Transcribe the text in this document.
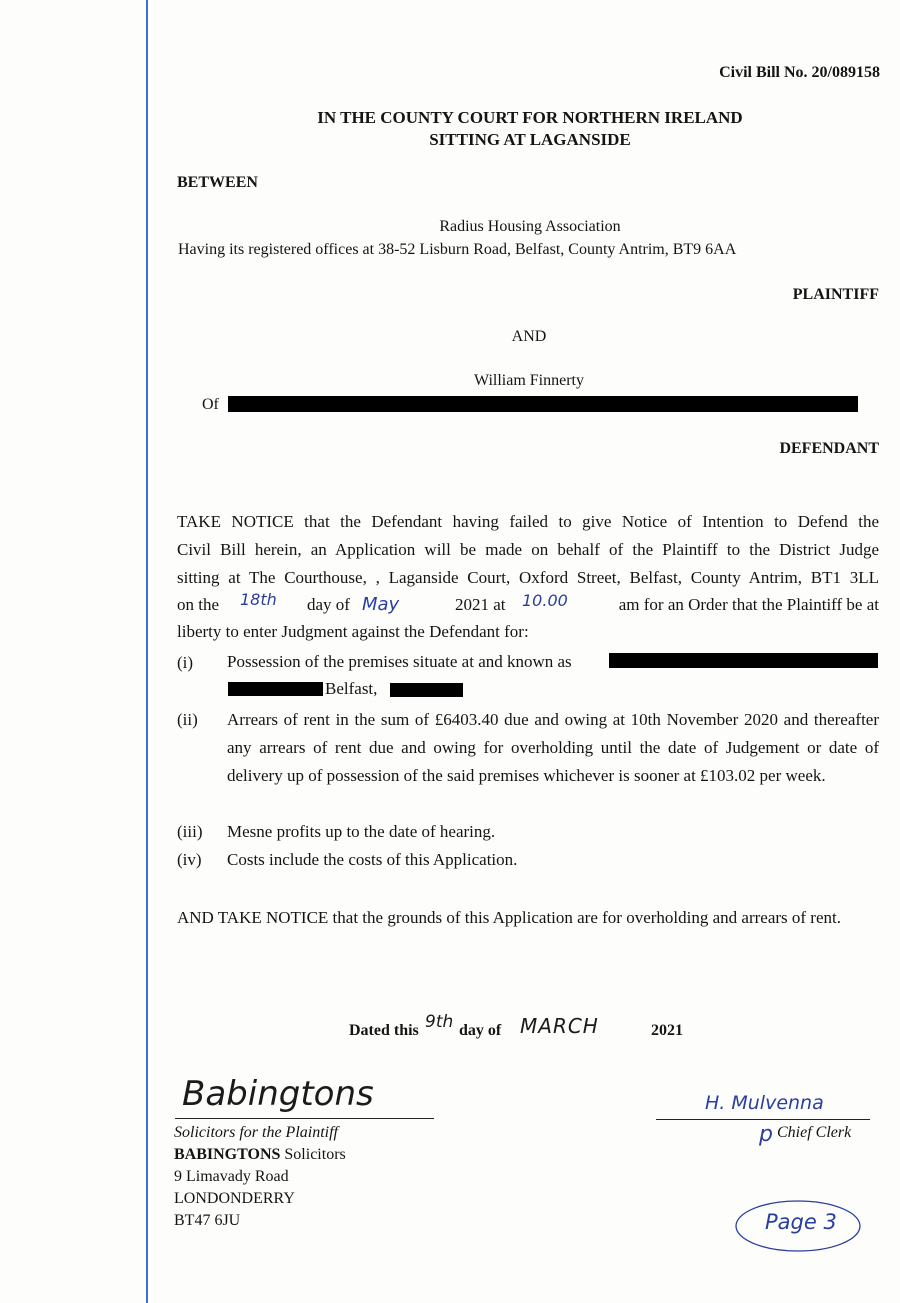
Civil Bill No. 20/089158
IN THE COUNTY COURT FOR NORTHERN IRELAND
SITTING AT LAGANSIDE
BETWEEN
Radius Housing Association
Having its registered offices at 38-52 Lisburn Road, Belfast, County Antrim, BT9 6AA
PLAINTIFF
AND
William Finnerty
Of
DEFENDANT
TAKE NOTICE that the Defendant having failed to give Notice of Intention to Defend the
Civil Bill herein, an Application will be made on behalf of the Plaintiff to the District Judge
sitting at The Courthouse, , Laganside Court, Oxford Street, Belfast, County Antrim, BT1 3LL
on the 18th day of May	2021 at 10.00	am for an Order that the Plaintiff be at
liberty to enter Judgment against the Defendant for:
(i) Possession of the premises situate at and known as
Belfast,
(ii) Arrears of rent in the sum of £6403.40 due and owing at 10th November 2020 and thereafter any arrears of rent due and owing for overholding until the date of Judgement or date of delivery up of possession of the said premises whichever is sooner at £103.02 per week.
(iii) Mesne profits up to the date of hearing.
(iv) Costs include the costs of this Application.
AND TAKE NOTICE that the grounds of this Application are for overholding and arrears of rent.
Dated this 9th day of MARCH	2021
Babingtons
Solicitors for the Plaintiff
BABINGTONS Solicitors
9 Limavady Road
LONDONDERRY
BT47 6JU
H. Mulvenna
p Chief Clerk
Page 3
